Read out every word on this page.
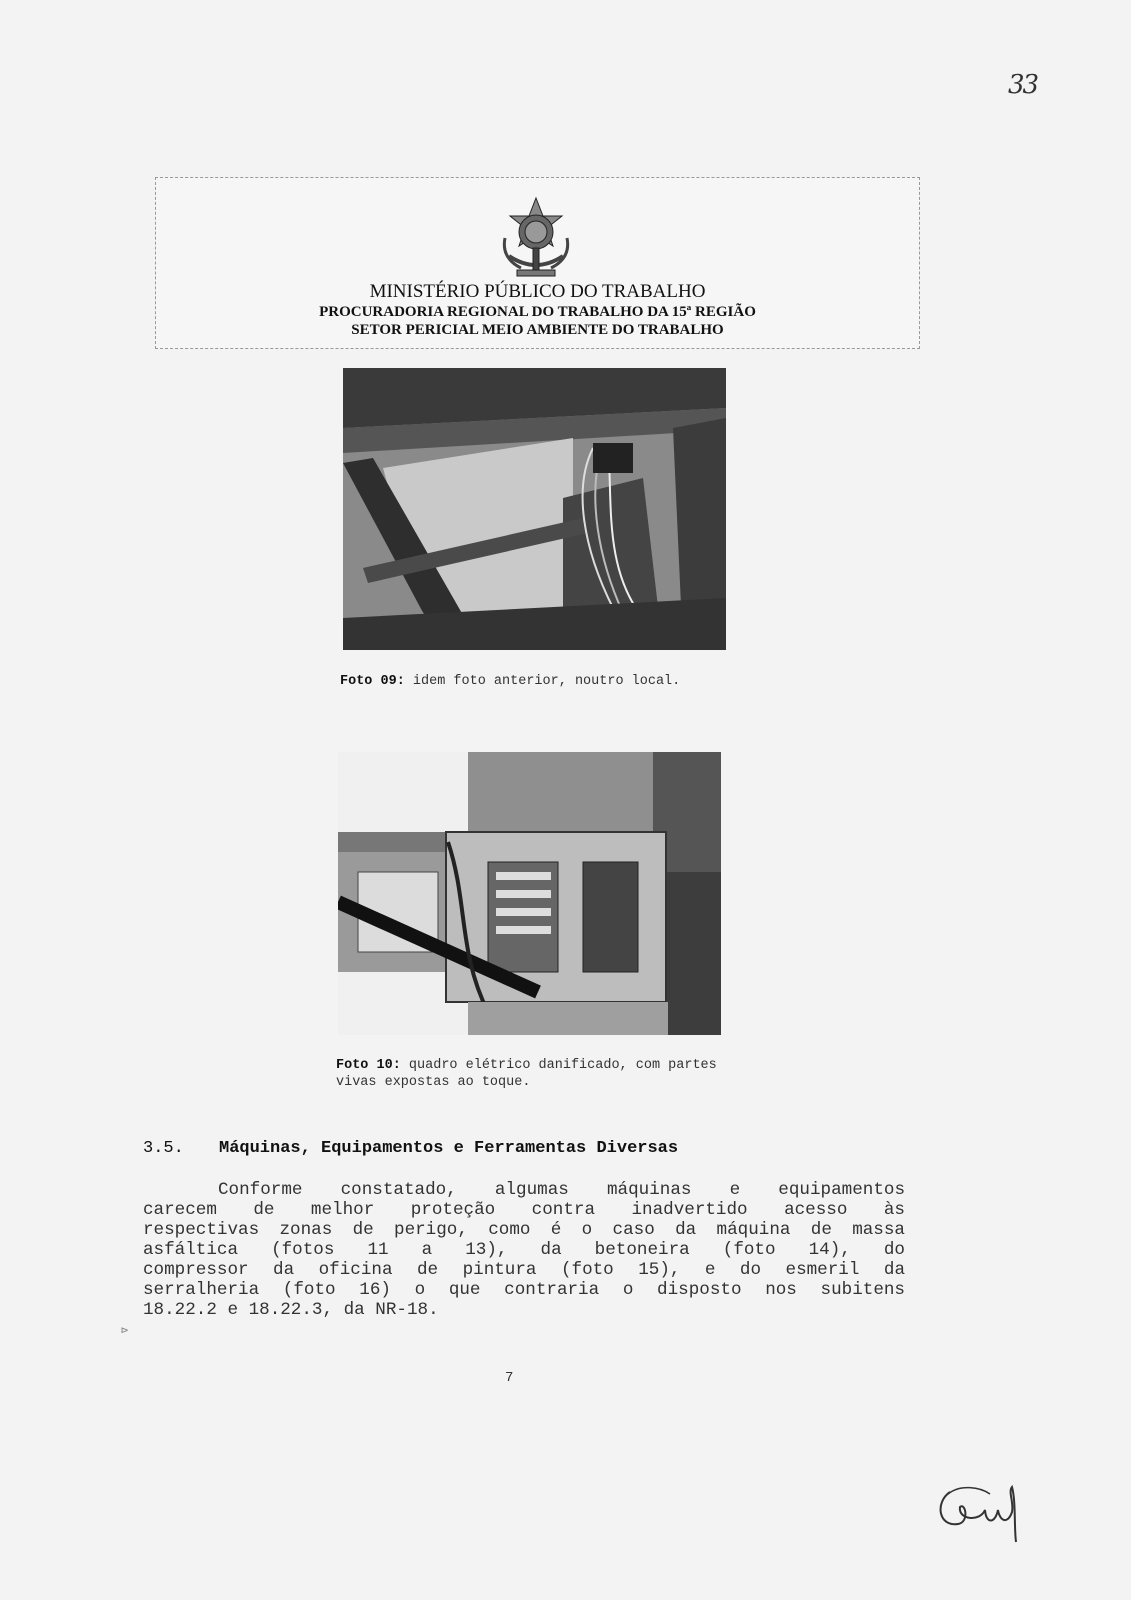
33
MINISTÉRIO PÚBLICO DO TRABALHO
PROCURADORIA REGIONAL DO TRABALHO DA 15ª REGIÃO
SETOR PERICIAL MEIO AMBIENTE DO TRABALHO
Foto 09: idem foto anterior, noutro local.
Foto 10: quadro elétrico danificado, com partes vivas expostas ao toque.
3.5. Máquinas, Equipamentos e Ferramentas Diversas
Conforme constatado, algumas máquinas e equipamentos
carecem de melhor proteção contra inadvertido acesso às
respectivas zonas de perigo, como é o caso da máquina de massa
asfáltica (fotos 11 a 13), da betoneira (foto 14), do
compressor da oficina de pintura (foto 15), e do esmeril da
serralheria (foto 16) o que contraria o disposto nos subitens
18.22.2 e 18.22.3, da NR-18.
⊳
7
